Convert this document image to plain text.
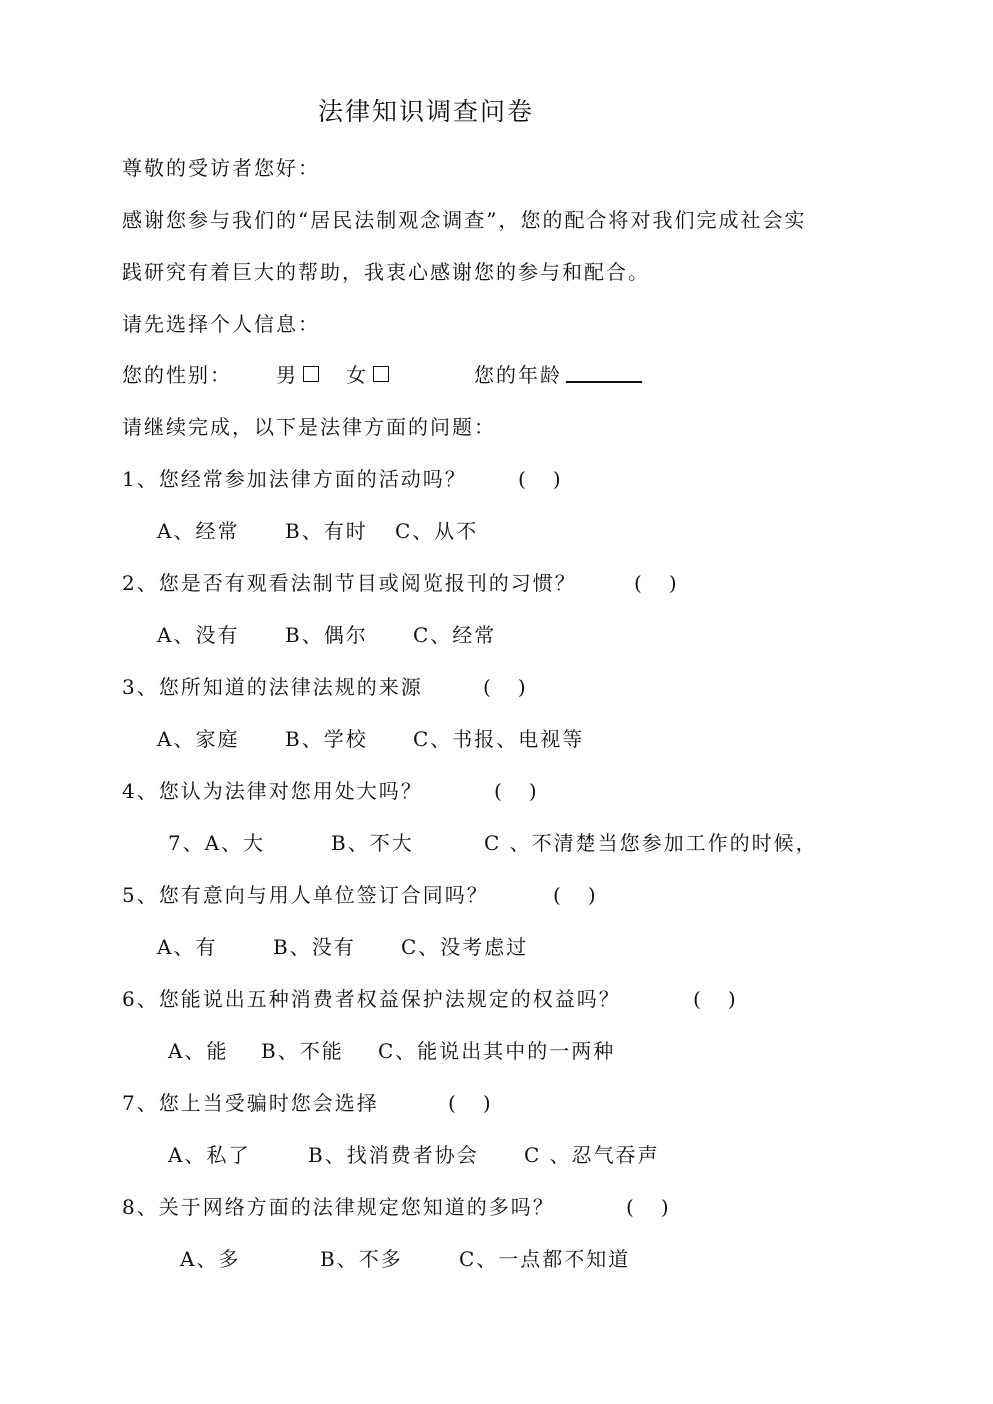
法律知识调查问卷
尊敬的受访者您好：
感谢您参与我们的“居民法制观念调查”，您的配合将对我们完成社会实
践研究有着巨大的帮助，我衷心感谢您的参与和配合。
请先选择个人信息：
您的性别： 男 女	您的年龄
请继续完成，以下是法律方面的问题：
1、您经常参加法律方面的活动吗？	(   )
A、经常 B、有时 C、从不
2、您是否有观看法制节目或阅览报刊的习惯？	(   )
A、没有 B、偶尔 C、经常
3、您所知道的法律法规的来源	(   )
A、家庭 B、学校 C、书报、电视等
4、您认为法律对您用处大吗？	(   )
7、A、大	B、不大	C 、不清楚当您参加工作的时候，
5、您有意向与用人单位签订合同吗？	(   )
A、有	B、没有 C、没考虑过
6、您能说出五种消费者权益保护法规定的权益吗？	(   )
A、能 B、不能 C、能说出其中的一两种
7、您上当受骗时您会选择	(   )
A、私了	B、找消费者协会 C 、忍气吞声
8、关于网络方面的法律规定您知道的多吗？	(   )
A、多	B、不多	C、一点都不知道
